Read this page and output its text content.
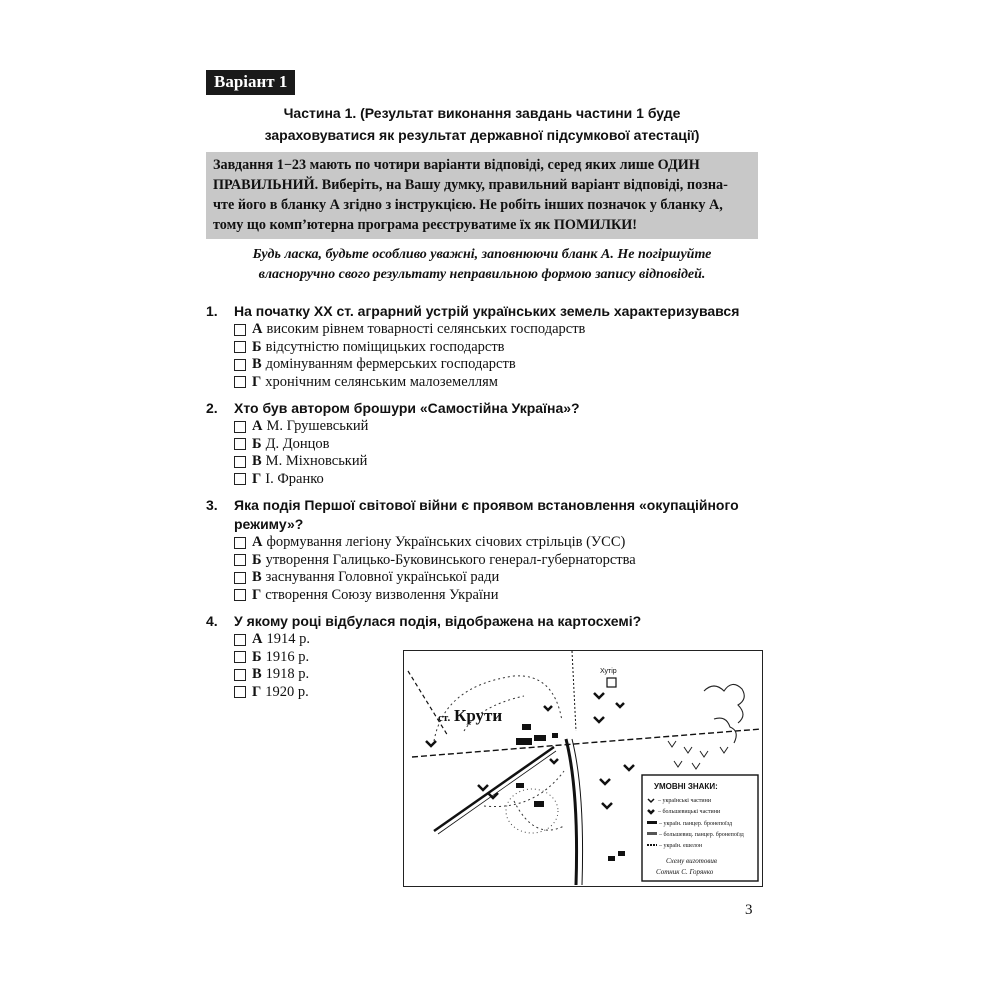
Варіант 1
Частина 1. (Результат виконання завдань частини 1 буде
зараховуватися як результат державної підсумкової атестації)
Завдання 1−23 мають по чотири варіанти відповіді, серед яких лише ОДИН
ПРАВИЛЬНИЙ. Виберіть, на Вашу думку, правильний варіант відповіді, позна-
чте його в бланку А згідно з інструкцією. Не робіть інших позначок у бланку А,
тому що комп’ютерна програма реєструватиме їх як ПОМИЛКИ!
Будь ласка, будьте особливо уважні, заповнюючи бланк А. Не погіршуйте
власноручно свого результату неправильною формою запису відповідей.
1.	На початку XX ст. аграрний устрій українських земель характеризувався
А високим рівнем товарності селянських господарств
Б відсутністю поміщицьких господарств
В домінуванням фермерських господарств
Г хронічним селянським малоземеллям
2.	Хто був автором брошури «Самостійна Україна»?
А М. Грушевський
Б Д. Донцов
В М. Міхновський
Г І. Франко
3.	Яка подія Першої світової війни є проявом встановлення «окупаційного режиму»?
А формування легіону Українських січових стрільців (УСС)
Б утворення Галицько-Буковинського генерал-губернаторства
В заснування Головної української ради
Г створення Союзу визволення України
4.	У якому році відбулася подія, відображена на картосхемі?
А 1914 р.
Б 1916 р.
В 1918 р.
Г 1920 р.
ст. Крути
Хутір
УМОВНІ ЗНАКИ:
– українські частини
– большевицькі частини
– україн. панцер. бронепоїзд
– большевиц. панцер. бронепоїзд
– україн. ешелон
Схему виготовив
Сотник С. Горянко
3
